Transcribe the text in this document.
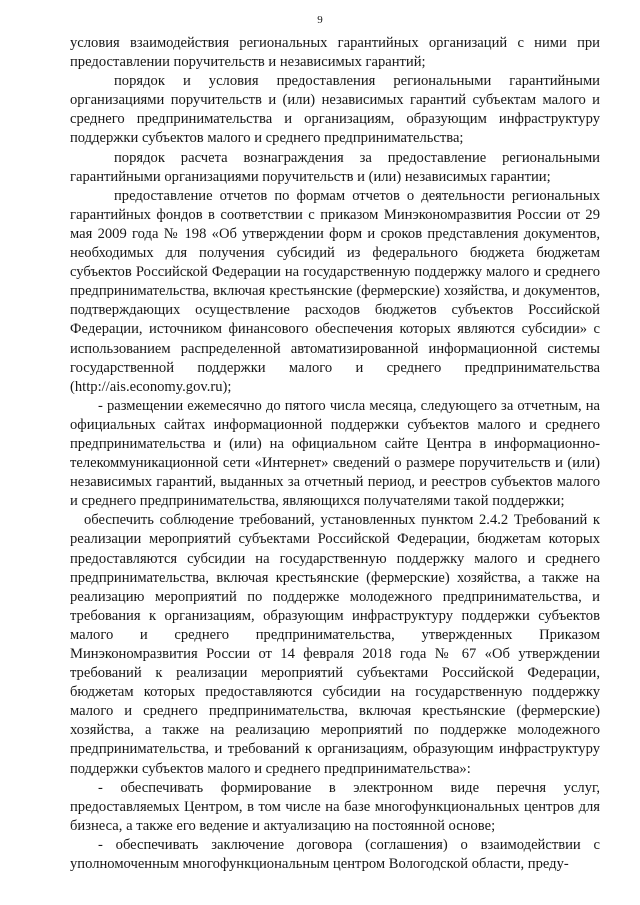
9

условия взаимодействия региональных гарантийных организаций с ними при предоставлении поручительств и независимых гарантий;

порядок и условия предоставления региональными гарантийными организациями поручительств и (или) независимых гарантий субъектам малого и среднего предпринимательства и организациям, образующим инфраструктуру поддержки субъектов малого и среднего предпринимательства;

порядок расчета вознаграждения за предоставление региональными гарантийными организациями поручительств и (или) независимых гарантии;

предоставление отчетов по формам отчетов о деятельности региональных гарантийных фондов в соответствии с приказом Минэкономразвития России от 29 мая 2009 года № 198 «Об утверждении форм и сроков представления документов, необходимых для получения субсидий из федерального бюджета бюджетам субъектов Российской Федерации на государственную поддержку малого и среднего предпринимательства, включая крестьянские (фермерские) хозяйства, и документов, подтверждающих осуществление расходов бюджетов субъектов Российской Федерации, источником финансового обеспечения которых являются субсидии» с использованием распределенной автоматизированной информационной системы государственной поддержки малого и среднего предпринимательства (http://ais.economy.gov.ru);

- размещении ежемесячно до пятого числа месяца, следующего за отчетным, на официальных сайтах информационной поддержки субъектов малого и среднего предпринимательства и (или) на официальном сайте Центра в информационно-телекоммуникационной сети «Интернет» сведений о размере поручительств и (или) независимых гарантий, выданных за отчетный период, и реестров субъектов малого и среднего предпринимательства, являющихся получателями такой поддержки;

обеспечить соблюдение требований, установленных пунктом 2.4.2 Требований к реализации мероприятий субъектами Российской Федерации, бюджетам которых предоставляются субсидии на государственную поддержку малого и среднего предпринимательства, включая крестьянские (фермерские) хозяйства, а также на реализацию мероприятий по поддержке молодежного предпринимательства, и требования к организациям, образующим инфраструктуру поддержки субъектов малого и среднего предпринимательства, утвержденных Приказом Минэкономразвития России от 14 февраля 2018 года № 67 «Об утверждении требований к реализации мероприятий субъектами Российской Федерации, бюджетам которых предоставляются субсидии на государственную поддержку малого и среднего предпринимательства, включая крестьянские (фермерские) хозяйства, а также на реализацию мероприятий по поддержке молодежного предпринимательства, и требований к организациям, образующим инфраструктуру поддержки субъектов малого и среднего предпринимательства»:

- обеспечивать формирование в электронном виде перечня услуг, предоставляемых Центром, в том числе на базе многофункциональных центров для бизнеса, а также его ведение и актуализацию на постоянной основе;

- обеспечивать заключение договора (соглашения) о взаимодействии с уполномоченным многофункциональным центром Вологодской области, преду-
